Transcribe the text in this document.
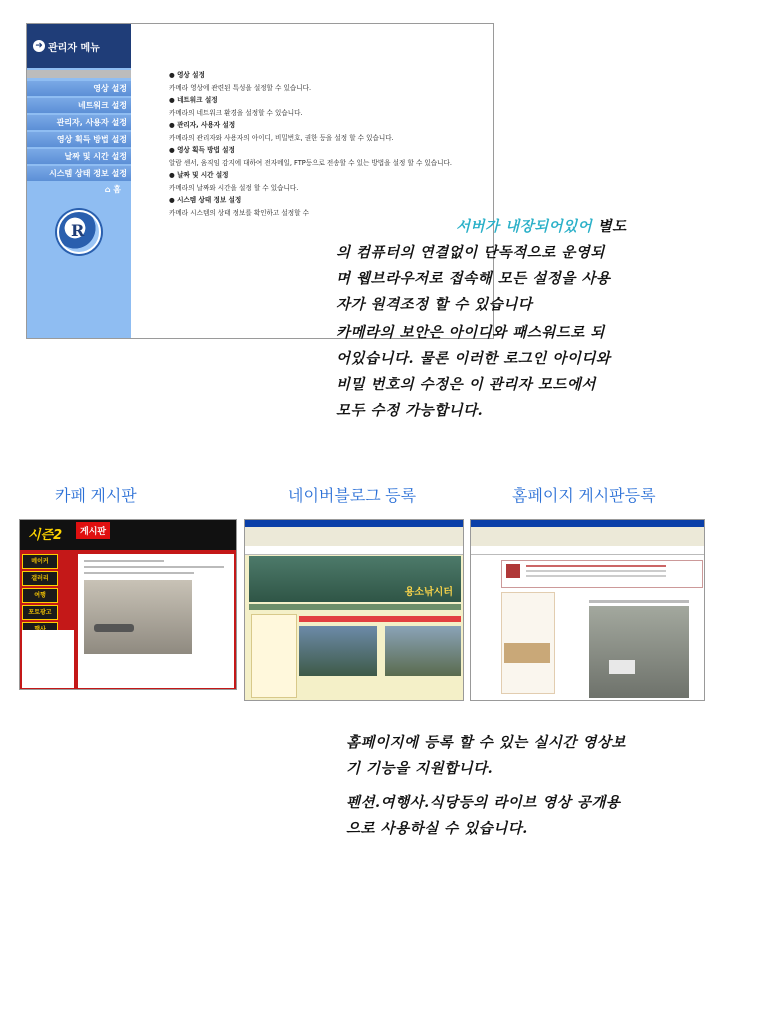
➜ 관리자 메뉴
영상 설정
네트워크 설정
관리자, 사용자 설정
영상 획득 방법 설정
날짜 및 시간 설정
시스템 상태 정보 설정
⌂ 홈
R
● 영상 설정
카메라 영상에 관련된 특성을 설정할 수 있습니다.
● 네트워크 설정
카메라의 네트워크 환경을 설정할 수 있습니다.
● 관리자, 사용자 설정
카메라의 관리자와 사용자의 아이디, 비밀번호, 권한 등을 설정 할 수 있습니다.
● 영상 획득 방법 설정
알람 센서, 움직임 감지에 대하여 전자메일, FTP등으로 전송할 수 있는 방법을 설정 할 수 있습니다.
● 날짜 및 시간 설정
카메라의 날짜와 시간을 설정 할 수 있습니다.
● 시스템 상태 정보 설정
카메라 시스템의 상태 정보를 확인하고 설정할 수
서버가 내장되어있어 별도
의 컴퓨터의 연결없이 단독적으로 운영되
며 웹브라우저로 접속해 모든 설정을 사용
자가 원격조정 할 수 있습니다
카메라의 보안은 아이디와 패스워드로 되
어있습니다. 물론 이러한 로그인 아이디와
비밀 번호의 수정은 이 관리자 모드에서
모두 수정 가능합니다.
카페 게시판	네이버블로그 등록	홈페이지 게시판등록
시즌2	게시판
메이커
갤러리
여행
포토광고
용소낚시터
홈페이지에 등록 할 수 있는 실시간 영상보
기 기능을 지원합니다.
펜션.여행사.식당등의 라이브 영상 공개용
으로 사용하실 수 있습니다.
